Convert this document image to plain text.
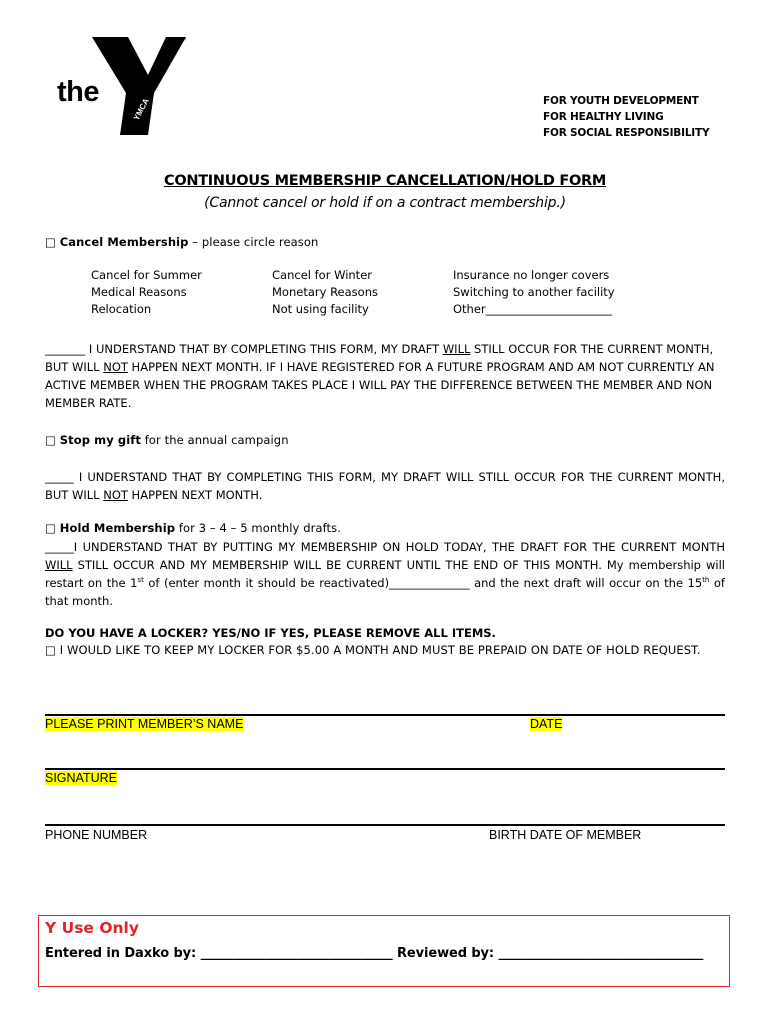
the
YMCA
™
FOR YOUTH DEVELOPMENT
FOR HEALTHY LIVING
FOR SOCIAL RESPONSIBILITY
CONTINUOUS MEMBERSHIP CANCELLATION/HOLD FORM
(Cannot cancel or hold if on a contract membership.)
□ Cancel Membership – please circle reason
Cancel for Summer	Cancel for Winter	Insurance no longer covers
Medical Reasons	Monetary Reasons	Switching to another facility
Relocation	Not using facility	Other______________________
_______ I UNDERSTAND THAT BY COMPLETING THIS FORM, MY DRAFT WILL STILL OCCUR FOR THE CURRENT MONTH, BUT WILL NOT HAPPEN NEXT MONTH. IF I HAVE REGISTERED FOR A FUTURE PROGRAM AND AM NOT CURRENTLY AN ACTIVE MEMBER WHEN THE PROGRAM TAKES PLACE I WILL PAY THE DIFFERENCE BETWEEN THE MEMBER AND NON MEMBER RATE.
□ Stop my gift for the annual campaign
_____ I UNDERSTAND THAT BY COMPLETING THIS FORM, MY DRAFT WILL STILL OCCUR FOR THE CURRENT MONTH, BUT WILL NOT HAPPEN NEXT MONTH.
□ Hold Membership for 3 – 4 – 5 monthly drafts.
_____I UNDERSTAND THAT BY PUTTING MY MEMBERSHIP ON HOLD TODAY, THE DRAFT FOR THE CURRENT MONTH WILL STILL OCCUR AND MY MEMBERSHIP WILL BE CURRENT UNTIL THE END OF THIS MONTH. My membership will restart on the 1st of (enter month it should be reactivated)______________ and the next draft will occur on the 15th of that month.
DO YOU HAVE A LOCKER? YES/NO IF YES, PLEASE REMOVE ALL ITEMS.
□ I WOULD LIKE TO KEEP MY LOCKER FOR $5.00 A MONTH AND MUST BE PREPAID ON DATE OF HOLD REQUEST.
PLEASE PRINT MEMBER’S NAME	DATE
SIGNATURE
PHONE NUMBER	BIRTH DATE OF MEMBER
Y Use Only
Entered in Daxko by: ______________________________ Reviewed by: ________________________________
